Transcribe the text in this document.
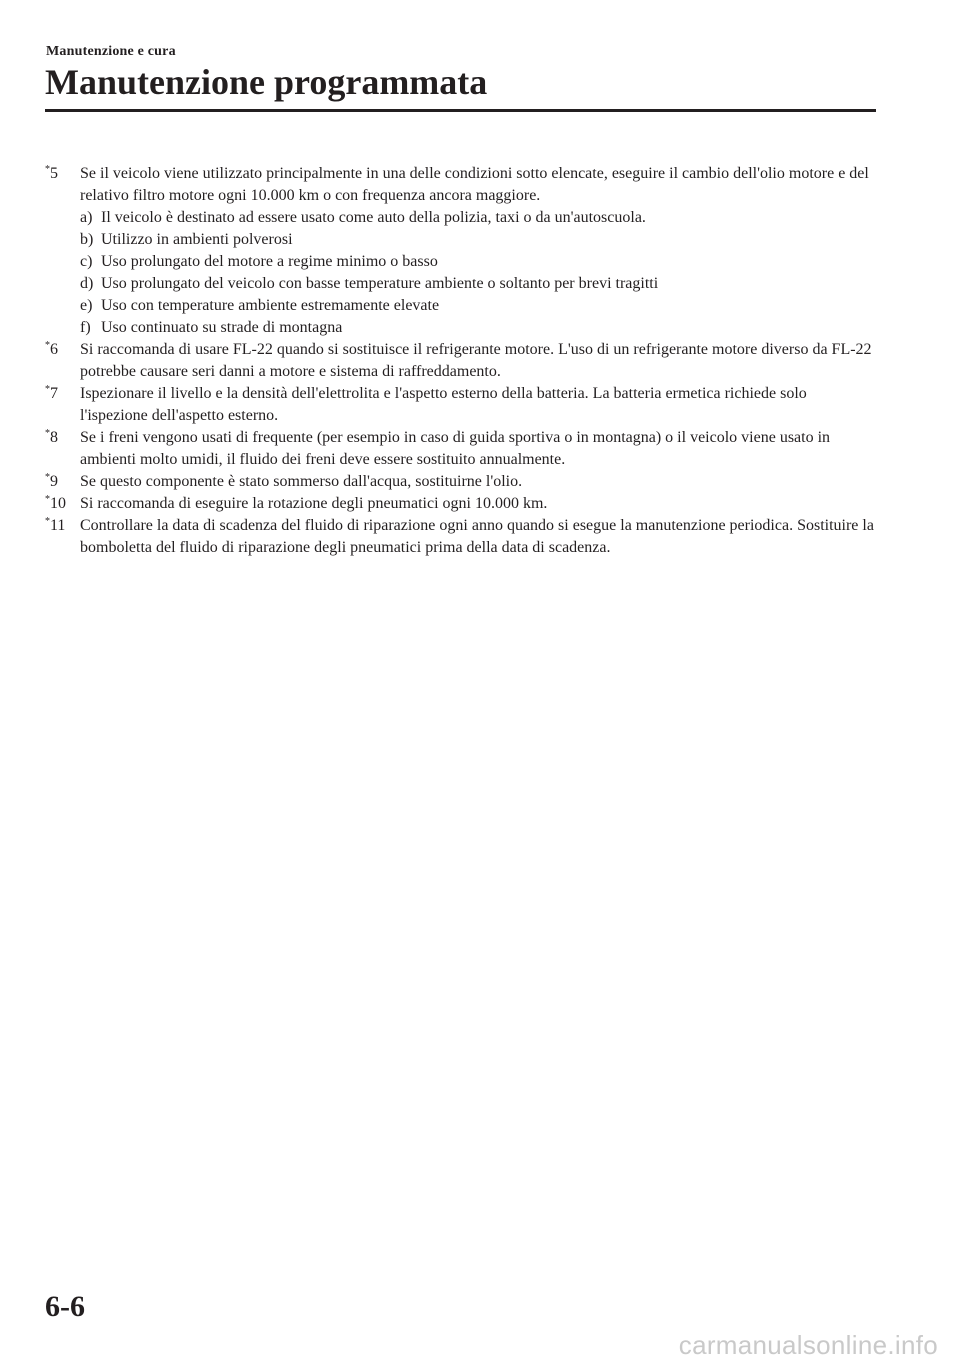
Manutenzione e cura
Manutenzione programmata
*5 Se il veicolo viene utilizzato principalmente in una delle condizioni sotto elencate, eseguire il cambio dell'olio motore e del relativo filtro motore ogni 10.000 km o con frequenza ancora maggiore.
a) Il veicolo è destinato ad essere usato come auto della polizia, taxi o da un'autoscuola.
b) Utilizzo in ambienti polverosi
c) Uso prolungato del motore a regime minimo o basso
d) Uso prolungato del veicolo con basse temperature ambiente o soltanto per brevi tragitti
e) Uso con temperature ambiente estremamente elevate
f) Uso continuato su strade di montagna
*6 Si raccomanda di usare FL-22 quando si sostituisce il refrigerante motore. L'uso di un refrigerante motore diverso da FL-22 potrebbe causare seri danni a motore e sistema di raffreddamento.
*7 Ispezionare il livello e la densità dell'elettrolita e l'aspetto esterno della batteria. La batteria ermetica richiede solo l'ispezione dell'aspetto esterno.
*8 Se i freni vengono usati di frequente (per esempio in caso di guida sportiva o in montagna) o il veicolo viene usato in ambienti molto umidi, il fluido dei freni deve essere sostituito annualmente.
*9 Se questo componente è stato sommerso dall'acqua, sostituirne l'olio.
*10 Si raccomanda di eseguire la rotazione degli pneumatici ogni 10.000 km.
*11 Controllare la data di scadenza del fluido di riparazione ogni anno quando si esegue la manutenzione periodica. Sostituire la bomboletta del fluido di riparazione degli pneumatici prima della data di scadenza.
6-6
carmanualsonline.info
